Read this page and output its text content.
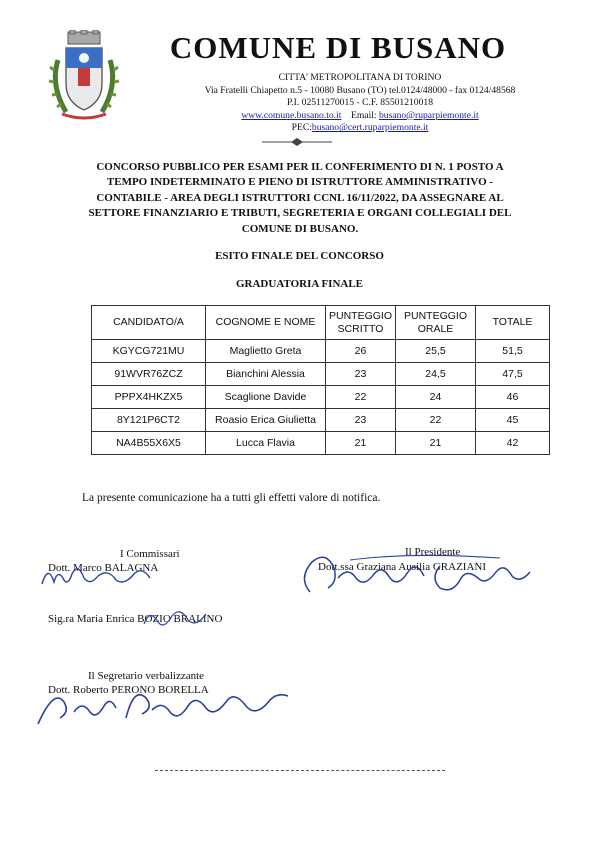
COMUNE DI BUSANO
CITTA' METROPOLITANA DI TORINO
Via Fratelli Chiapetto n.5 - 10080 Busano (TO) tel.0124/48000 - fax 0124/48568
P.I. 02511270015 - C.F. 85501210018
www.comune.busano.to.it Email: busano@ruparpiemonte.it
PEC:busano@cert.ruparpiemonte.it
CONCORSO PUBBLICO PER ESAMI PER IL CONFERIMENTO DI N. 1 POSTO A
TEMPO INDETERMINATO E PIENO DI ISTRUTTORE AMMINISTRATIVO -
CONTABILE - AREA DEGLI ISTRUTTORI CCNL 16/11/2022, DA ASSEGNARE AL
SETTORE FINANZIARIO E TRIBUTI, SEGRETERIA E ORGANI COLLEGIALI DEL
COMUNE DI BUSANO.
ESITO FINALE DEL CONCORSO
GRADUATORIA FINALE
CANDIDATO/A	COGNOME E NOME	PUNTEGGIO SCRITTO	PUNTEGGIO ORALE	TOTALE
KGYCG721MU	Maglietto Greta	26	25,5	51,5
91WVR76ZCZ	Bianchini Alessia	23	24,5	47,5
PPPX4HKZX5	Scaglione Davide	22	24	46
8Y121P6CT2	Roasio Erica Giulietta	23	22	45
NA4B55X6X5	Lucca Flavia	21	21	42
La presente comunicazione ha a tutti gli effetti valore di notifica.
I Commissari
Dott. Marco BALAGNA
Il Presidente
Dott.ssa Graziana Ausilia GRAZIANI
Sig.ra Maria Enrica BOZIO BRALINO
Il Segretario verbalizzante
Dott. Roberto PERONO BORELLA
